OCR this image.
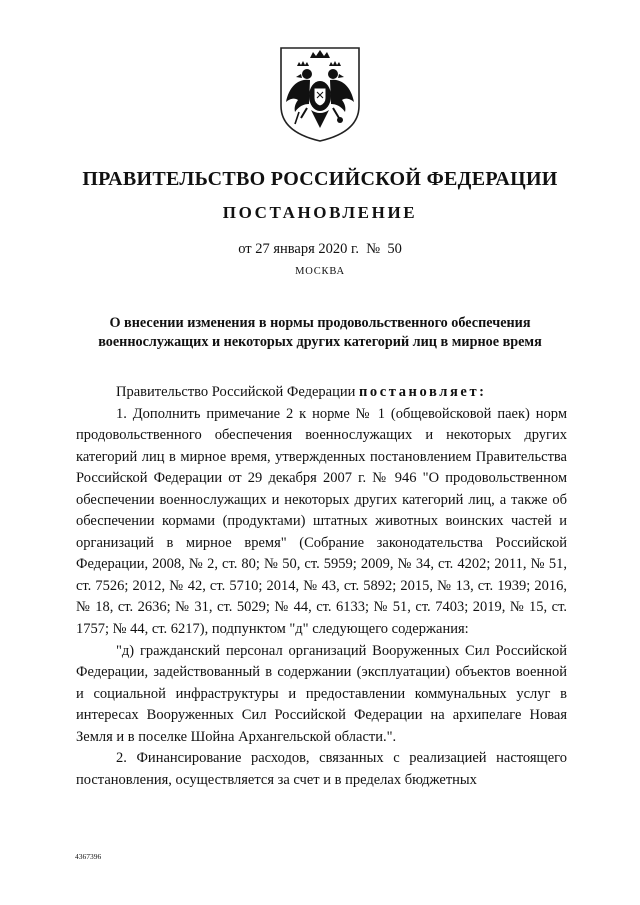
ПРАВИТЕЛЬСТВО РОССИЙСКОЙ ФЕДЕРАЦИИ
ПОСТАНОВЛЕНИЕ

от 27 января 2020 г. № 50

МОСКВА

О внесении изменения в нормы продовольственного обеспечения
военнослужащих и некоторых других категорий лиц в мирное время

Правительство Российской Федерации постановляет:

1. Дополнить примечание 2 к норме № 1 (общевойсковой паек) норм продовольственного обеспечения военнослужащих и некоторых других категорий лиц в мирное время, утвержденных постановлением Правительства Российской Федерации от 29 декабря 2007 г. № 946 "О продовольственном обеспечении военнослужащих и некоторых других категорий лиц, а также об обеспечении кормами (продуктами) штатных животных воинских частей и организаций в мирное время" (Собрание законодательства Российской Федерации, 2008, № 2, ст. 80; № 50, ст. 5959; 2009, № 34, ст. 4202; 2011, № 51, ст. 7526; 2012, № 42, ст. 5710; 2014, № 43, ст. 5892; 2015, № 13, ст. 1939; 2016, № 18, ст. 2636; № 31, ст. 5029; № 44, ст. 6133; № 51, ст. 7403; 2019, № 15, ст. 1757; № 44, ст. 6217), подпунктом "д" следующего содержания:

"д) гражданский персонал организаций Вооруженных Сил Российской Федерации, задействованный в содержании (эксплуатации) объектов военной и социальной инфраструктуры и предоставлении коммунальных услуг в интересах Вооруженных Сил Российской Федерации на архипелаге Новая Земля и в поселке Шойна Архангельской области.".

2. Финансирование расходов, связанных с реализацией настоящего постановления, осуществляется за счет и в пределах бюджетных

4367396
